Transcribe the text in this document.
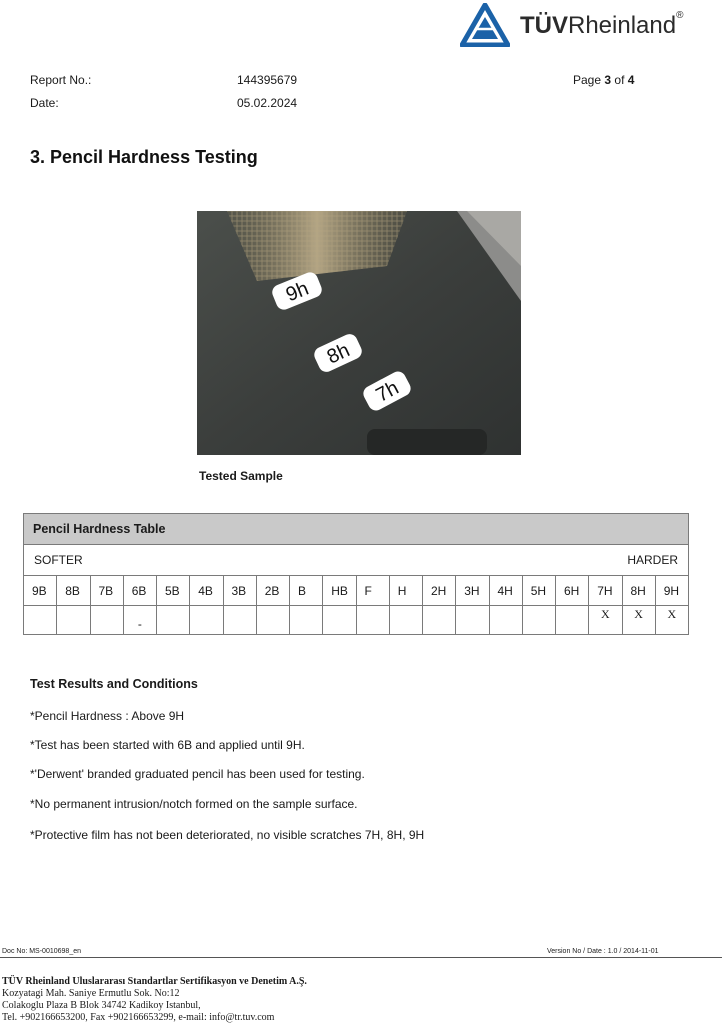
TÜVRheinland®
Report No.:	144395679	Page 3 of 4
Date:	05.02.2024
3. Pencil Hardness Testing
9h
8h
7h
Tested Sample
Pencil Hardness Table																			

SOFTER HARDER																			

9B	8B	7B	6B	5B	4B	3B	2B	B	HB	F	H	2H	3H	4H	5H	6H	7H	8H	9H
			-														X	X	X
Test Results and Conditions
*Pencil Hardness : Above 9H
*Test has been started with 6B and applied until 9H.
*'Derwent' branded graduated pencil has been used for testing.
*No permanent intrusion/notch formed on the sample surface.
*Protective film has not been deteriorated, no visible scratches 7H, 8H, 9H
Doc No: MS-0010698_en	Version No / Date : 1.0 / 2014-11-01
TÜV Rheinland Uluslararası Standartlar Sertifikasyon ve Denetim A.Ş.
Kozyatagi Mah. Saniye Ermutlu Sok. No:12
Colakoglu Plaza B Blok 34742 Kadikoy Istanbul,
Tel. +902166653200, Fax +902166653299, e-mail: info@tr.tuv.com
